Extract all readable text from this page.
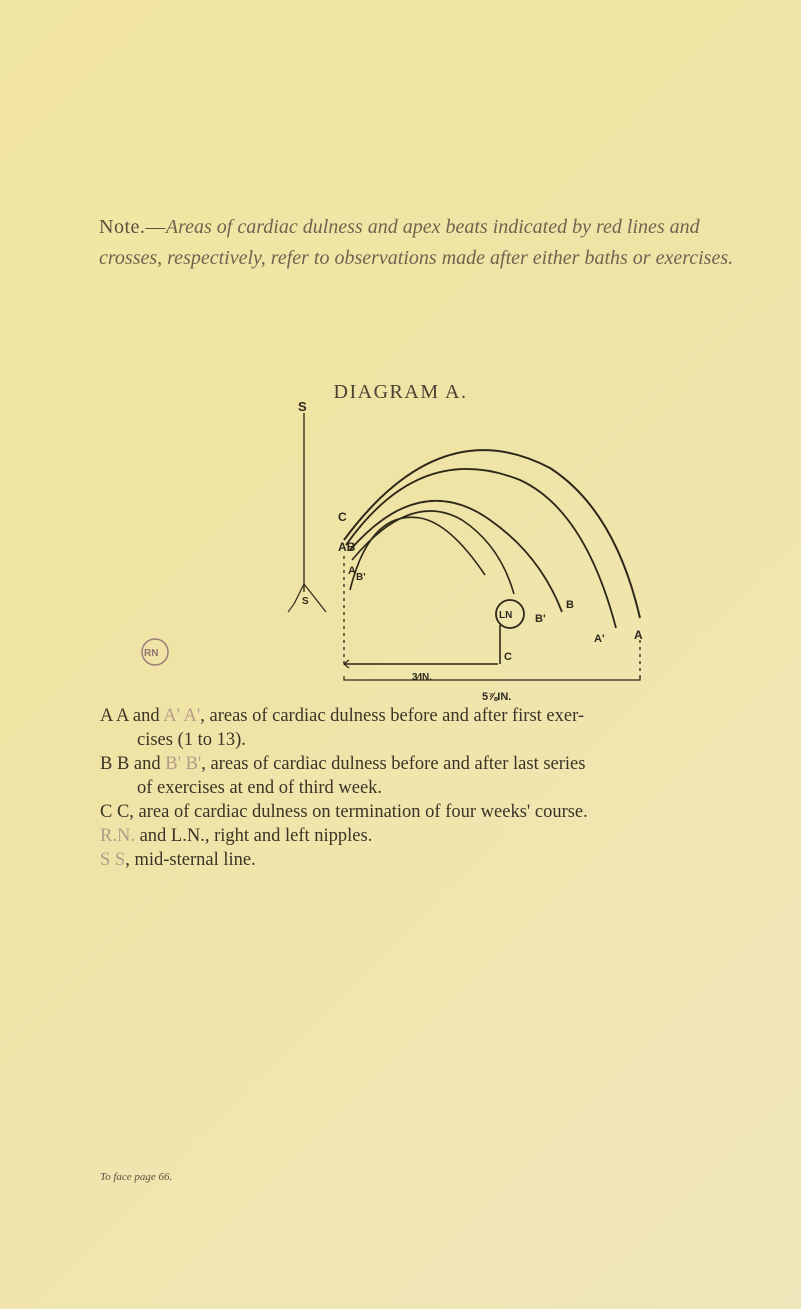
Note.—Areas of cardiac dulness and apex beats indicated by red lines and crosses, respectively, refer to observations made after either baths or exercises.
DIAGRAM A.
S
S
RN
LN
3⁄IN.
5⅞IN.
C
AB
A
B'
B
B'
A
A'
C

A A and A' A', areas of cardiac dulness before and after first exer-
cises (1 to 13).

B B and B' B', areas of cardiac dulness before and after last series
of exercises at end of third week.

C C, area of cardiac dulness on termination of four weeks' course.

R.N. and L.N., right and left nipples.

S S, mid-sternal line.

To face page 66.
